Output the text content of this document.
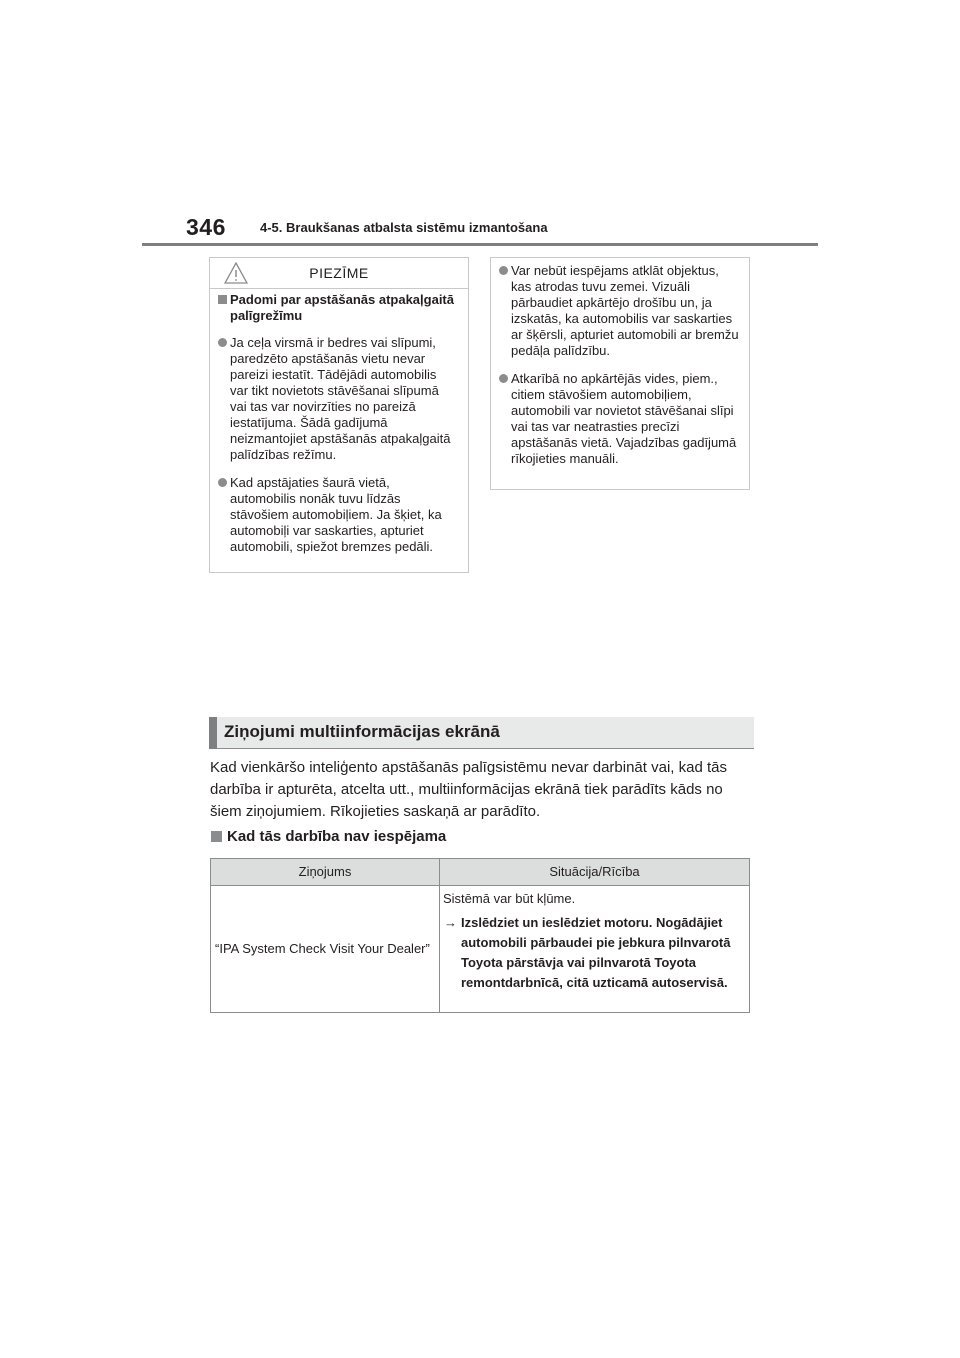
346	4-5. Braukšanas atbalsta sistēmu izmantošana
PIEZĪME
Padomi par apstāšanās atpakaļgaitā palīgrežīmu
Ja ceļa virsmā ir bedres vai slīpumi, paredzēto apstāšanās vietu nevar pareizi iestatīt. Tādējādi automobilis var tikt novietots stāvēšanai slīpumā vai tas var novirzīties no pareizā iestatījuma. Šādā gadījumā neizmantojiet apstāšanās atpakaļgaitā palīdzības režīmu.
Kad apstājaties šaurā vietā, automobilis nonāk tuvu līdzās stāvošiem automobiļiem. Ja šķiet, ka automobiļi var saskarties, apturiet automobili, spiežot bremzes pedāli.
Var nebūt iespējams atklāt objektus, kas atrodas tuvu zemei. Vizuāli pārbaudiet apkārtējo drošību un, ja izskatās, ka automobilis var saskarties ar šķērsli, apturiet automobili ar bremžu pedāļa palīdzību.
Atkarībā no apkārtējās vides, piem., citiem stāvošiem automobiļiem, automobili var novietot stāvēšanai slīpi vai tas var neatrasties precīzi apstāšanās vietā. Vajadzības gadījumā rīkojieties manuāli.
Ziņojumi multiinformācijas ekrānā
Kad vienkāršo inteliģento apstāšanās palīgsistēmu nevar darbināt vai, kad tās darbība ir apturēta, atcelta utt., multiinformācijas ekrānā tiek parādīts kāds no šiem ziņojumiem. Rīkojieties saskaņā ar parādīto.
Kad tās darbība nav iespējama
Ziņojums	Situācija/Rīcība
“IPA System Check Visit Your Dealer”	Sistēmā var būt kļūme.
→ Izslēdziet un ieslēdziet motoru. Nogādājiet automobili pārbaudei pie jebkura pilnvarotā Toyota pārstāvja vai pilnvarotā Toyota remontdarbnīcā, citā uzticamā autoservisā.
